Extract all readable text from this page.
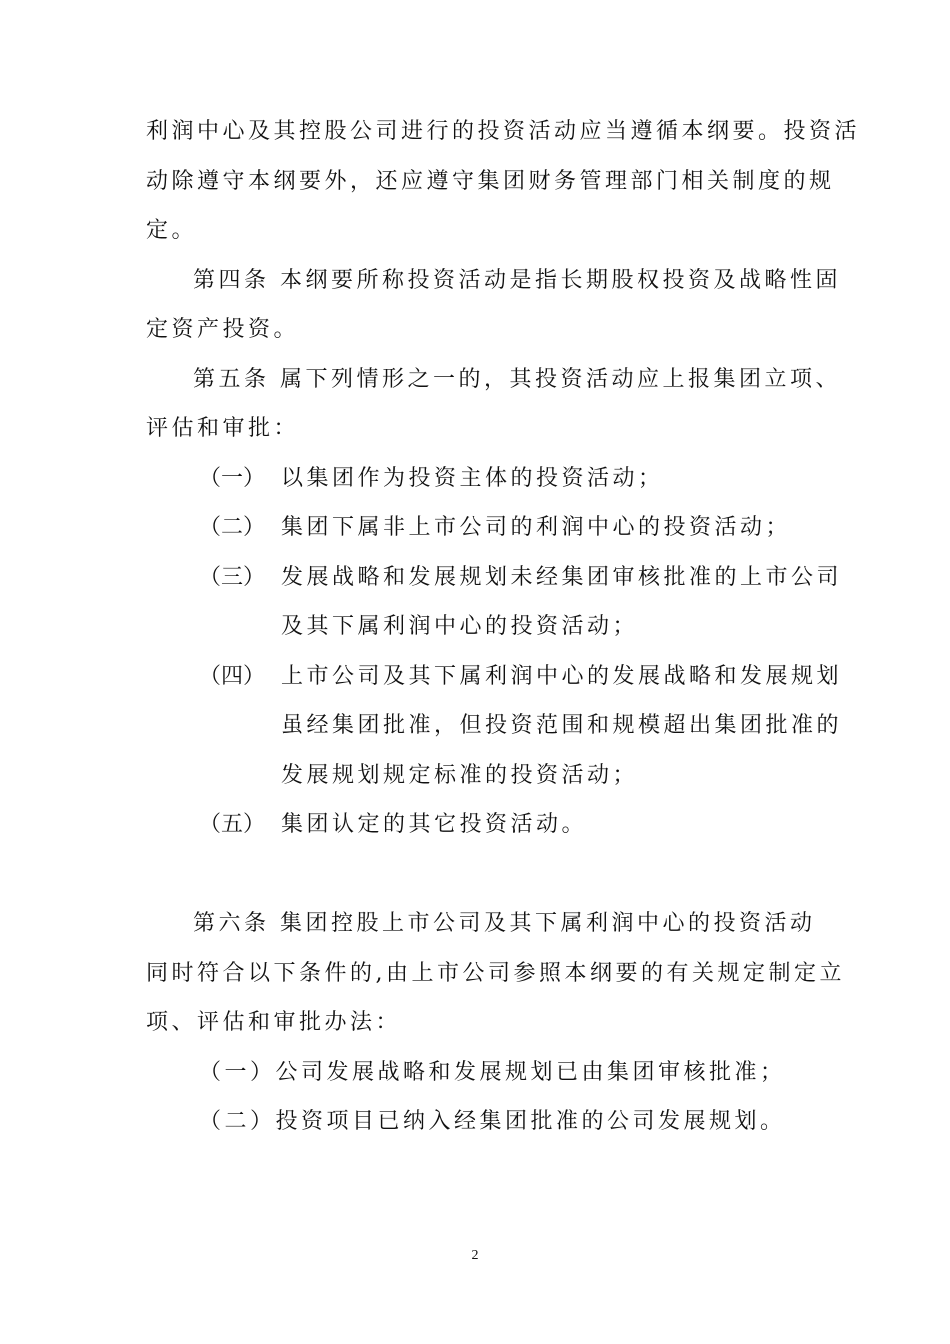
利润中心及其控股公司进行的投资活动应当遵循本纲要。投资活
动除遵守本纲要外，还应遵守集团财务管理部门相关制度的规
定。
第四条 本纲要所称投资活动是指长期股权投资及战略性固
定资产投资。
第五条 属下列情形之一的，其投资活动应上报集团立项、
评估和审批：
（一） 以集团作为投资主体的投资活动；
（二） 集团下属非上市公司的利润中心的投资活动；
（三） 发展战略和发展规划未经集团审核批准的上市公司
及其下属利润中心的投资活动；
（四） 上市公司及其下属利润中心的发展战略和发展规划
虽经集团批准，但投资范围和规模超出集团批准的
发展规划规定标准的投资活动；
（五） 集团认定的其它投资活动。
第六条 集团控股上市公司及其下属利润中心的投资活动
同时符合以下条件的,由上市公司参照本纲要的有关规定制定立
项、评估和审批办法：
（一）公司发展战略和发展规划已由集团审核批准；
（二）投资项目已纳入经集团批准的公司发展规划。
2
